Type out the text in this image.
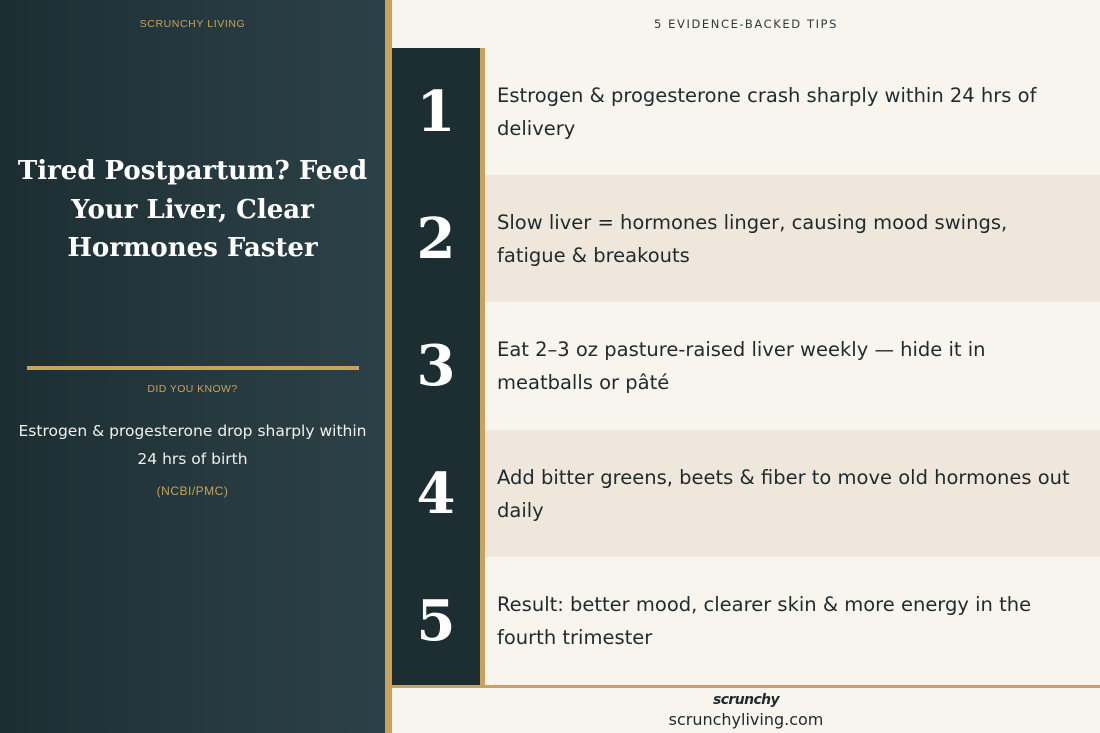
SCRUNCHY LIVING
Tired Postpartum? Feed Your Liver, Clear Hormones Faster
DID YOU KNOW?
Estrogen & progesterone drop sharply within 24 hrs of birth
(NCBI/PMC)
5 EVIDENCE-BACKED TIPS
1	Estrogen & progesterone crash sharply within 24 hrs of delivery
2	Slow liver = hormones linger, causing mood swings, fatigue & breakouts
3	Eat 2–3 oz pasture-raised liver weekly — hide it in meatballs or pâté
4	Add bitter greens, beets & fiber to move old hormones out daily
5	Result: better mood, clearer skin & more energy in the fourth trimester
scrunchy
scrunchyliving.com
